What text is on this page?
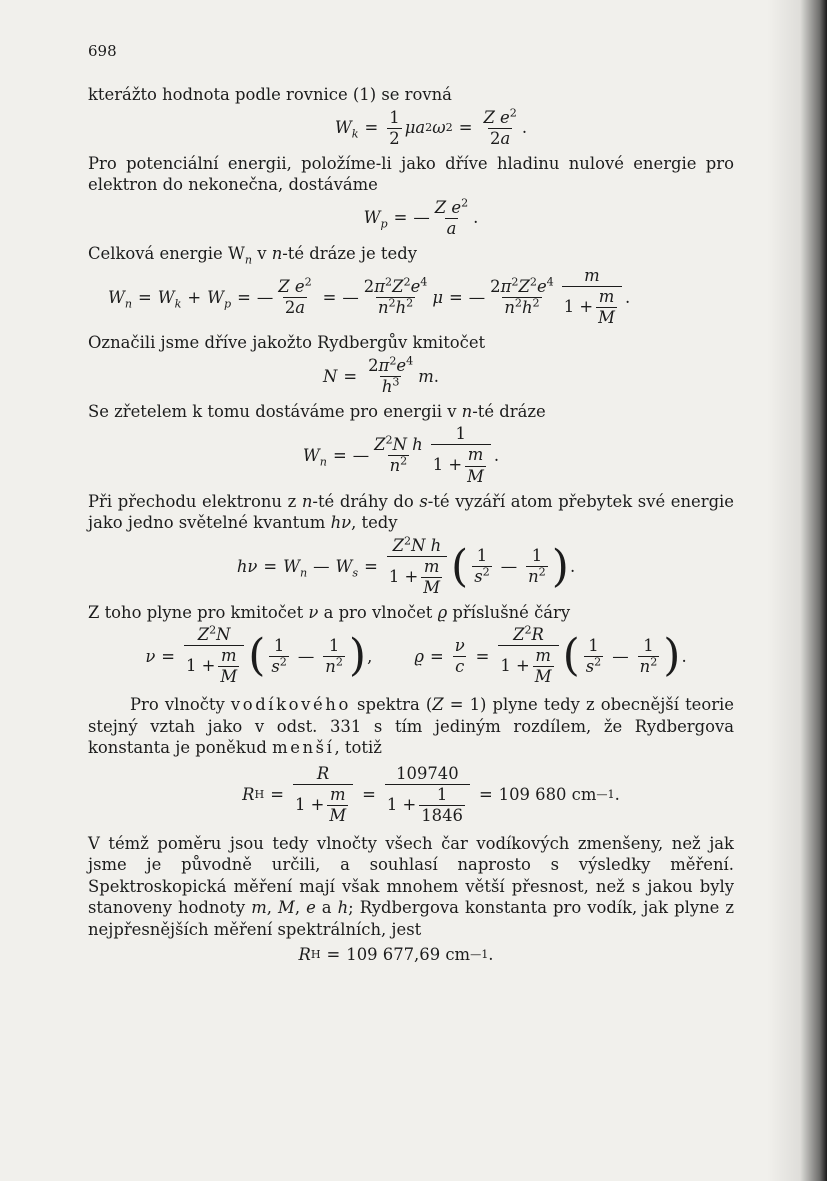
698

kterážto hodnota podle rovnice (1) se rovná

$W_k = \frac{1}{2}$ μa 2 ω $2 = \frac{Z e^2}{2a}$ .

Pro potenciální energii, položíme-li jako dříve hladinu nulové energie pro elektron do nekonečna, dostáváme

$W_p$ = — $\frac{Z e^2}{a}$ .

Celková energie $W_n$ v n-té dráze je tedy

$W_n = W_k + W_p$ = — $\frac{Z e^2}{2a}$ = — $\frac{2\pi^2Z^2e^4}{n^2h^2}$ μ = — $\frac{2\pi^2Z^2e^4}{n^2h^2} \frac{m}{1 + \frac{m}{M}}$ .

Označili jsme dříve jakožto Rydbergův kmitočet

$N = \frac{2\pi^2e^4}{h^3}$ m .

Se zřetelem k tomu dostáváme pro energii v n-té dráze

$W_n$ = — $\frac{Z^2N h}{n^2} \frac{1}{1 + \frac{m}{M}}$ .

Při přechodu elektronu z n-té dráhy do s-té vyzáří atom přebytek své energie jako jedno světelné kvantum hν, tedy

$h\nu = W_n$ — $W_s = \frac{Z^2N h}{1 + \frac{m}{M}}$ ( $\frac{1}{s^2}$ — $\frac{1}{n^2}$ ) .

Z toho plyne pro kmitočet ν a pro vlnočet ϱ příslušné čáry

$\nu = \frac{Z^2N}{1 + \frac{m}{M}}$ ( $\frac{1}{s^2}$ — $\frac{1}{n^2}$ ) ,	$ϱ = \frac{\nu}{c} = \frac{Z^2R}{1 + \frac{m}{M}}$ ( $\frac{1}{s^2}$ — $\frac{1}{n^2}$ ) .

Pro vlnočty vodíkového spektra (Z = 1) plyne tedy z obecnější teorie stejný vztah jako v odst. 331 s tím jediným rozdílem, že Rydbergova konstanta je poněkud menší, totiž

R $H = \frac{R}{1 + \frac{m}{M}} = \frac{109740}{1 + \frac{1}{1846}} = 109$ 680 cm —1 .

V témž poměru jsou tedy vlnočty všech čar vodíkových zmenšeny, než jak jsme je původně určili, a souhlasí naprosto s výsledky měření. Spektroskopická měření mají však mnohem větší přesnost, než s jakou byly stanoveny hodnoty m, M, e a h; Rydbergova konstanta pro vodík, jak plyne z nejpřesnějších měření spektrálních, jest

R H = 109 677,69 cm —1 .
